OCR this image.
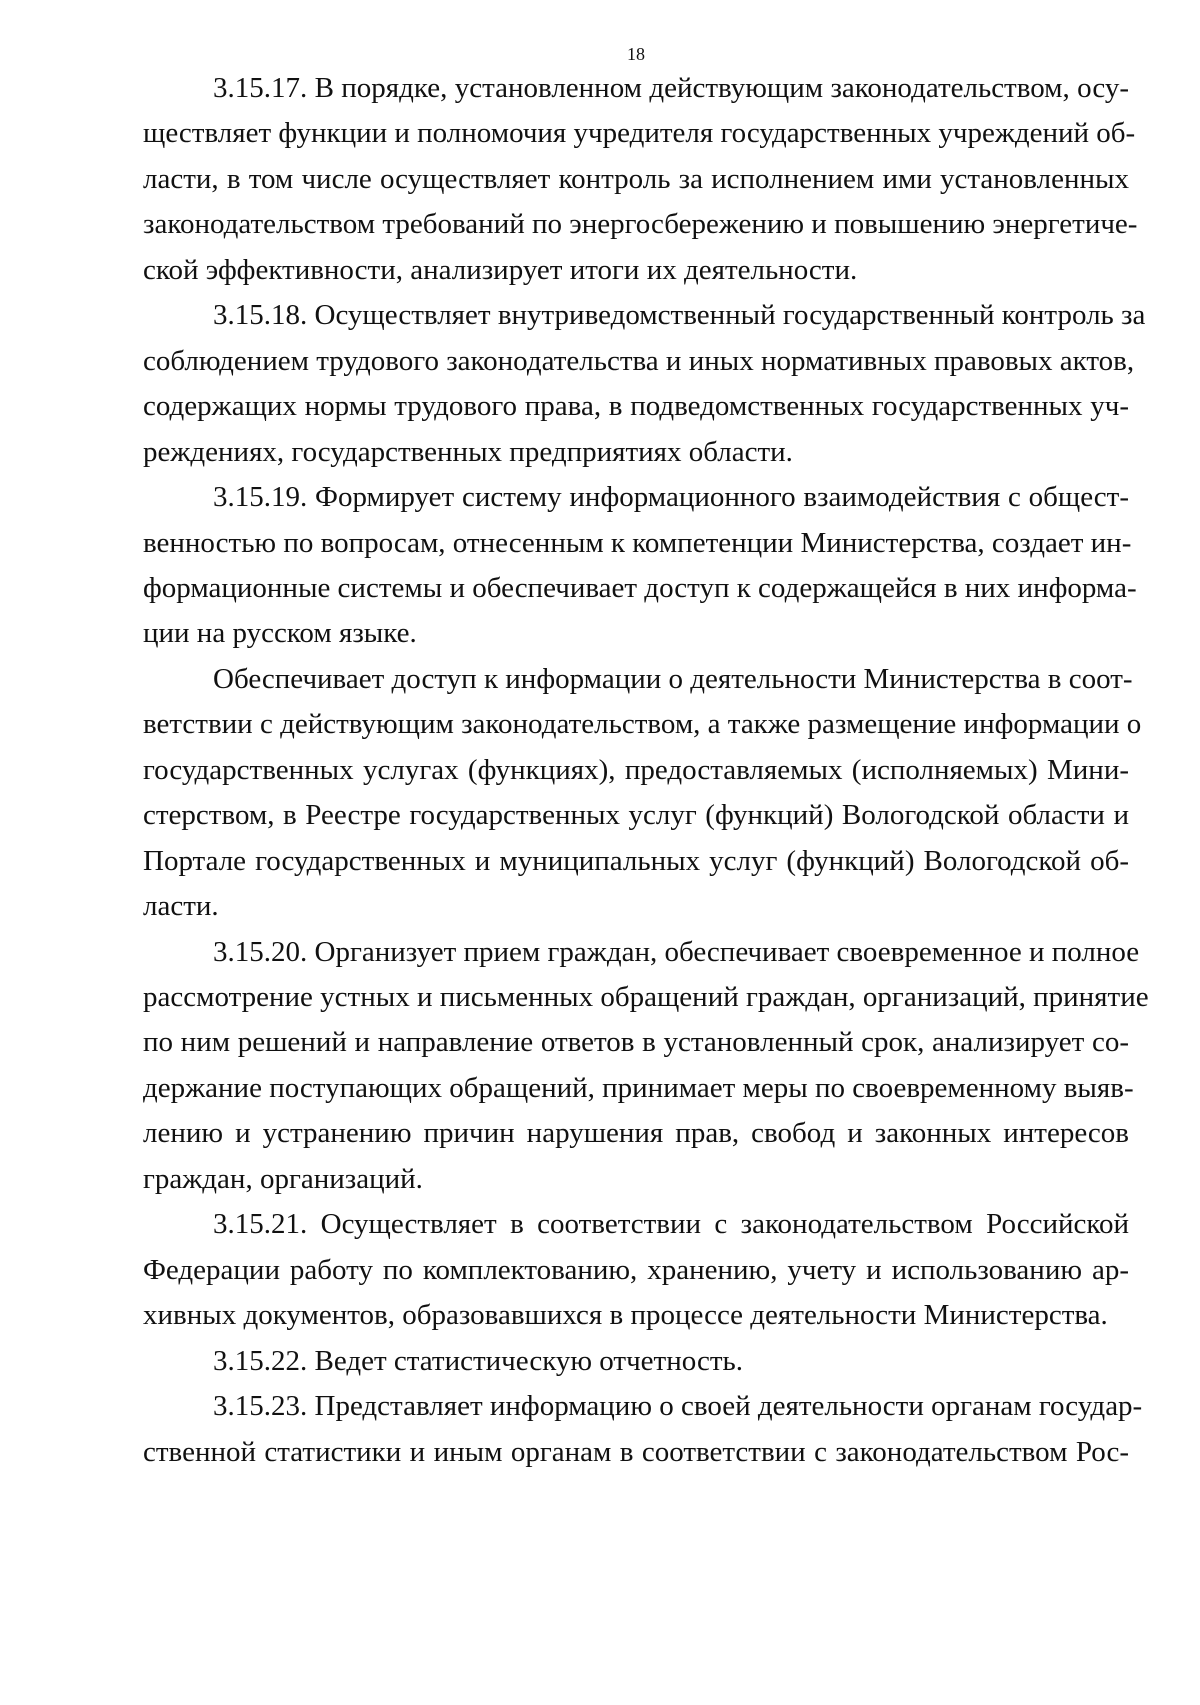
18
3.15.17. В порядке, установленном действующим законодательством, осу-
ществляет функции и полномочия учредителя государственных учреждений об-
ласти, в том числе осуществляет контроль за исполнением ими установленных
законодательством требований по энергосбережению и повышению энергетиче-
ской эффективности, анализирует итоги их деятельности.
3.15.18. Осуществляет внутриведомственный государственный контроль за
соблюдением трудового законодательства и иных нормативных правовых актов,
содержащих нормы трудового права, в подведомственных государственных уч-
реждениях, государственных предприятиях области.
3.15.19. Формирует систему информационного взаимодействия с общест-
венностью по вопросам, отнесенным к компетенции Министерства, создает ин-
формационные системы и обеспечивает доступ к содержащейся в них информа-
ции на русском языке.
Обеспечивает доступ к информации о деятельности Министерства в соот-
ветствии с действующим законодательством, а также размещение информации о
государственных услугах (функциях), предоставляемых (исполняемых) Мини-
стерством, в Реестре государственных услуг (функций) Вологодской области и
Портале государственных и муниципальных услуг (функций) Вологодской об-
ласти.
3.15.20. Организует прием граждан, обеспечивает своевременное и полное
рассмотрение устных и письменных обращений граждан, организаций, принятие
по ним решений и направление ответов в установленный срок, анализирует со-
держание поступающих обращений, принимает меры по своевременному выяв-
лению и устранению причин нарушения прав, свобод и законных интересов
граждан, организаций.
3.15.21. Осуществляет в соответствии с законодательством Российской
Федерации работу по комплектованию, хранению, учету и использованию ар-
хивных документов, образовавшихся в процессе деятельности Министерства.
3.15.22. Ведет статистическую отчетность.
3.15.23. Представляет информацию о своей деятельности органам государ-
ственной статистики и иным органам в соответствии с законодательством Рос-
